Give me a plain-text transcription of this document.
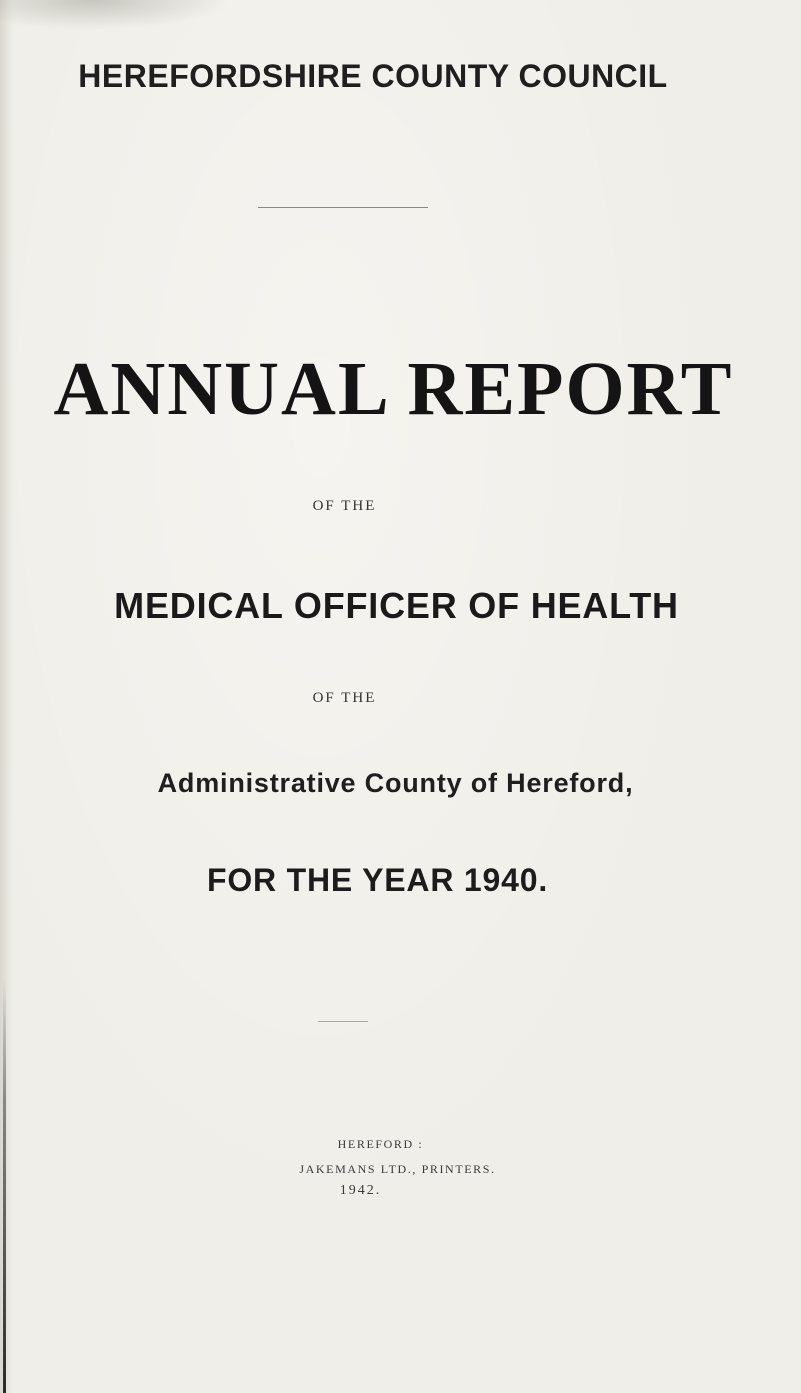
HEREFORDSHIRE COUNTY COUNCIL
ANNUAL REPORT
OF THE
MEDICAL OFFICER OF HEALTH
OF THE
Administrative County of Hereford,
FOR THE YEAR 1940.
HEREFORD :
JAKEMANS LTD., PRINTERS.
1942.
